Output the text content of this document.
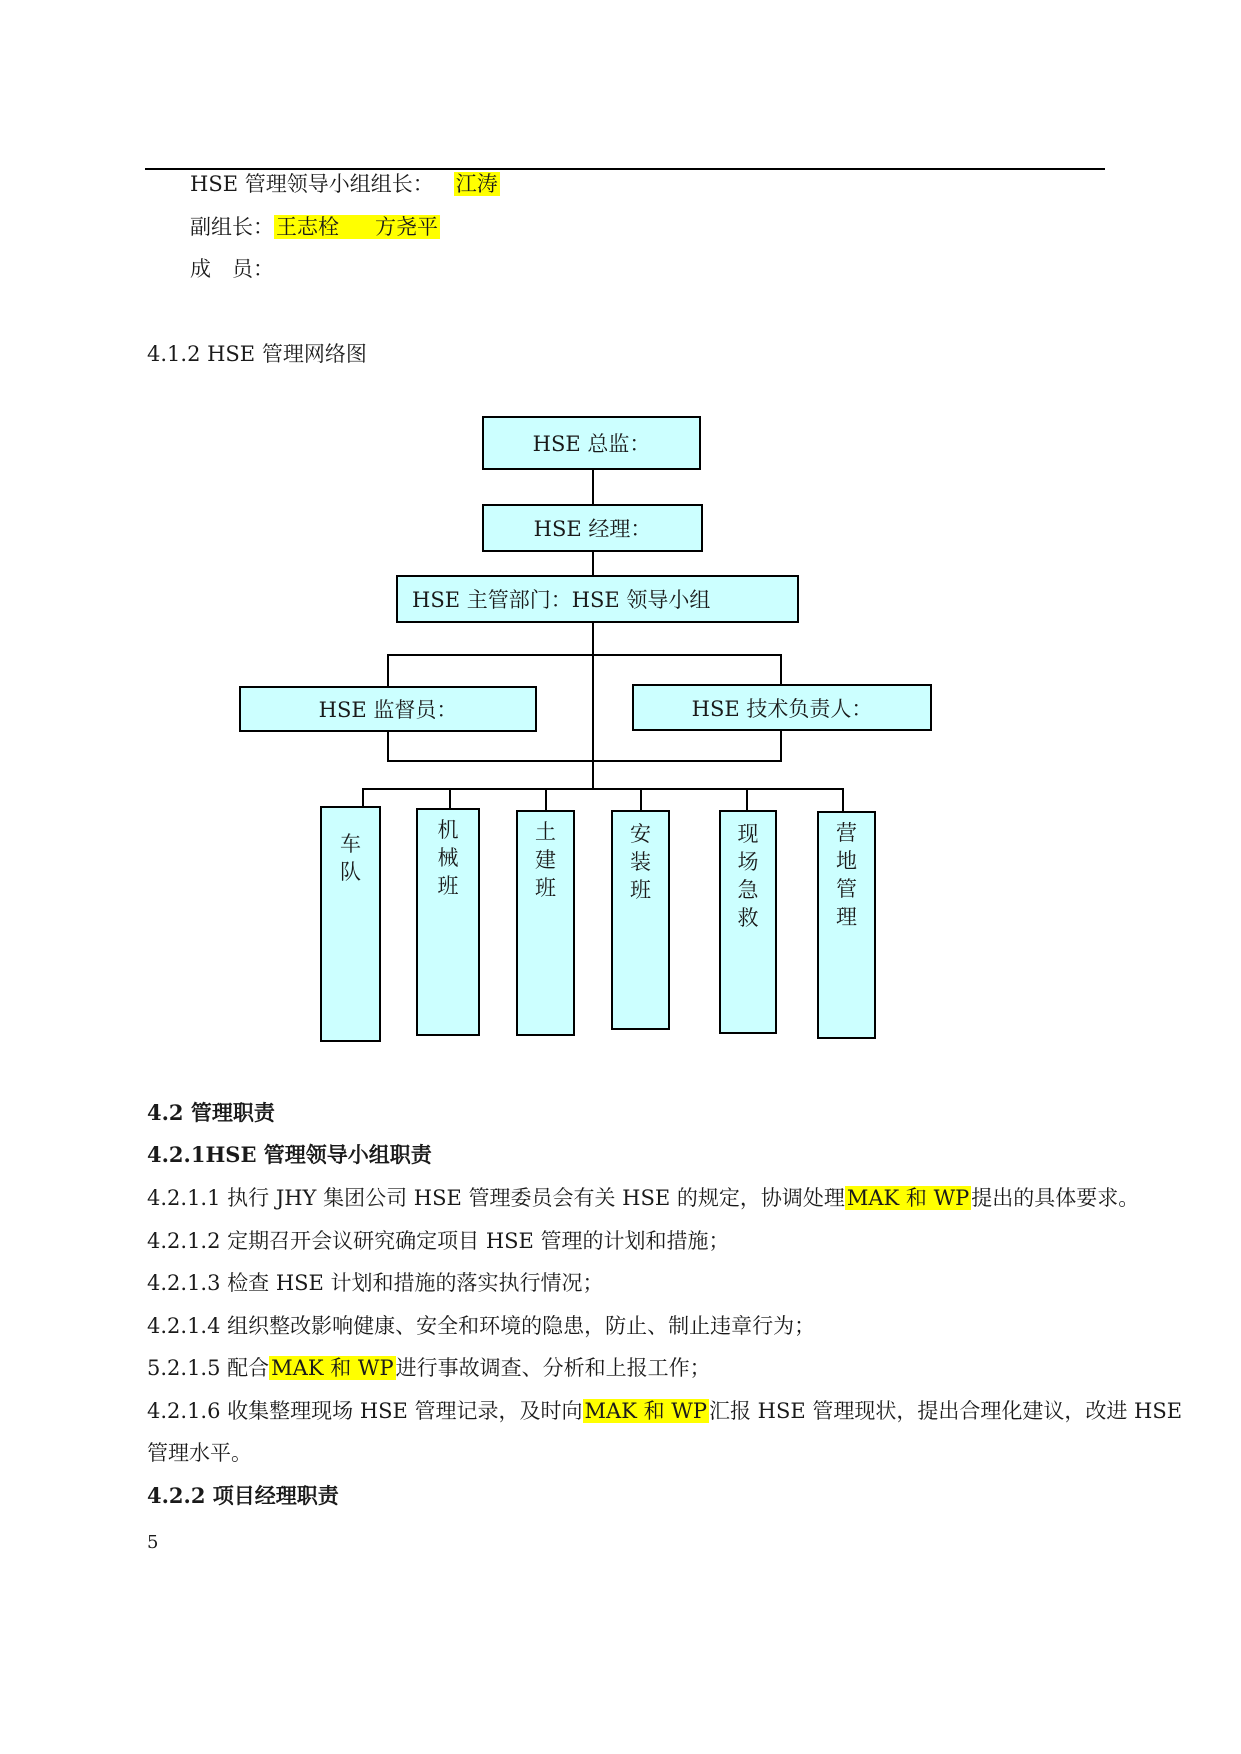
HSE 管理领导小组组长： 江涛
副组长：王志栓 方尧平
成　员：
4.1.2 HSE 管理网络图
HSE 总监：
HSE 经理：
HSE 主管部门：HSE 领导小组
HSE 监督员：	HSE 技术负责人：
车
队
机
械
班
土
建
班
安
装
班
现
场
急
救
营
地
管
理
4.2 管理职责
4.2.1HSE 管理领导小组职责
4.2.1.1 执行 JHY 集团公司 HSE 管理委员会有关 HSE 的规定，协调处理MAK 和 WP提出的具体要求。
4.2.1.2 定期召开会议研究确定项目 HSE 管理的计划和措施；
4.2.1.3 检查 HSE 计划和措施的落实执行情况；
4.2.1.4 组织整改影响健康、安全和环境的隐患，防止、制止违章行为；
5.2.1.5 配合MAK 和 WP进行事故调查、分析和上报工作；
4.2.1.6 收集整理现场 HSE 管理记录，及时向MAK 和 WP汇报 HSE 管理现状，提出合理化建议，改进 HSE
管理水平。
4.2.2 项目经理职责
5
